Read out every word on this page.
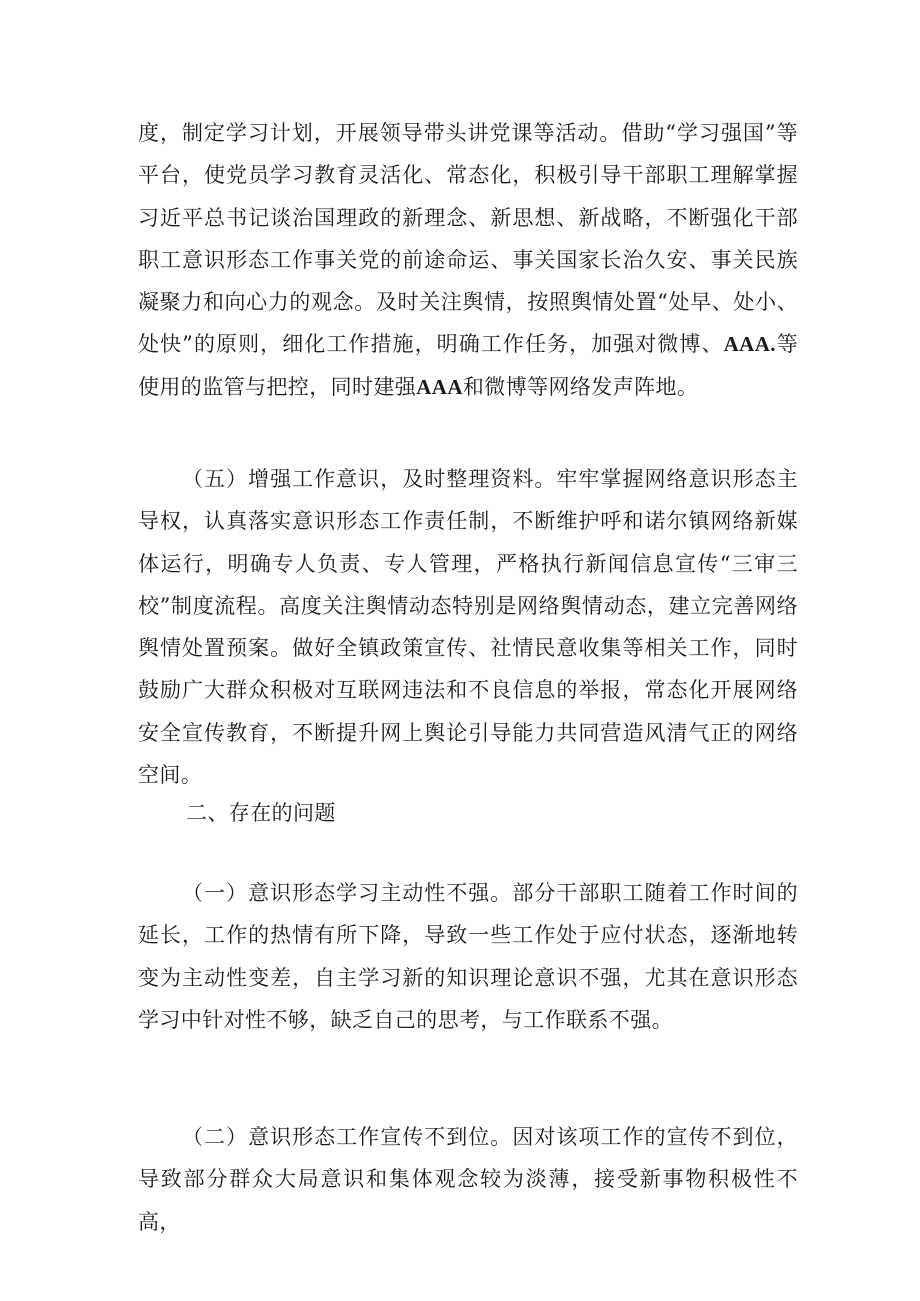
度，制定学习计划，开展领导带头讲党课等活动。借助“学习强国”等平台，使党员学习教育灵活化、常态化，积极引导干部职工理解掌握习近平总书记谈治国理政的新理念、新思想、新战略，不断强化干部职工意识形态工作事关党的前途命运、事关国家长治久安、事关民族凝聚力和向心力的观念。及时关注舆情，按照舆情处置“处早、处小、处快”的原则，细化工作措施，明确工作任务，加强对微博、AAA.等使用的监管与把控，同时建强AAA和微博等网络发声阵地。

（五）增强工作意识，及时整理资料。牢牢掌握网络意识形态主导权，认真落实意识形态工作责任制，不断维护呼和诺尔镇网络新媒体运行，明确专人负责、专人管理，严格执行新闻信息宣传“三审三校”制度流程。高度关注舆情动态特别是网络舆情动态，建立完善网络舆情处置预案。做好全镇政策宣传、社情民意收集等相关工作，同时鼓励广大群众积极对互联网违法和不良信息的举报，常态化开展网络安全宣传教育，不断提升网上舆论引导能力共同营造风清气正的网络空间。

二、存在的问题

（一）意识形态学习主动性不强。部分干部职工随着工作时间的延长，工作的热情有所下降，导致一些工作处于应付状态，逐渐地转变为主动性变差，自主学习新的知识理论意识不强，尤其在意识形态学习中针对性不够，缺乏自己的思考，与工作联系不强。

（二）意识形态工作宣传不到位。因对该项工作的宣传不到位，导致部分群众大局意识和集体观念较为淡薄，接受新事物积极性不高，
